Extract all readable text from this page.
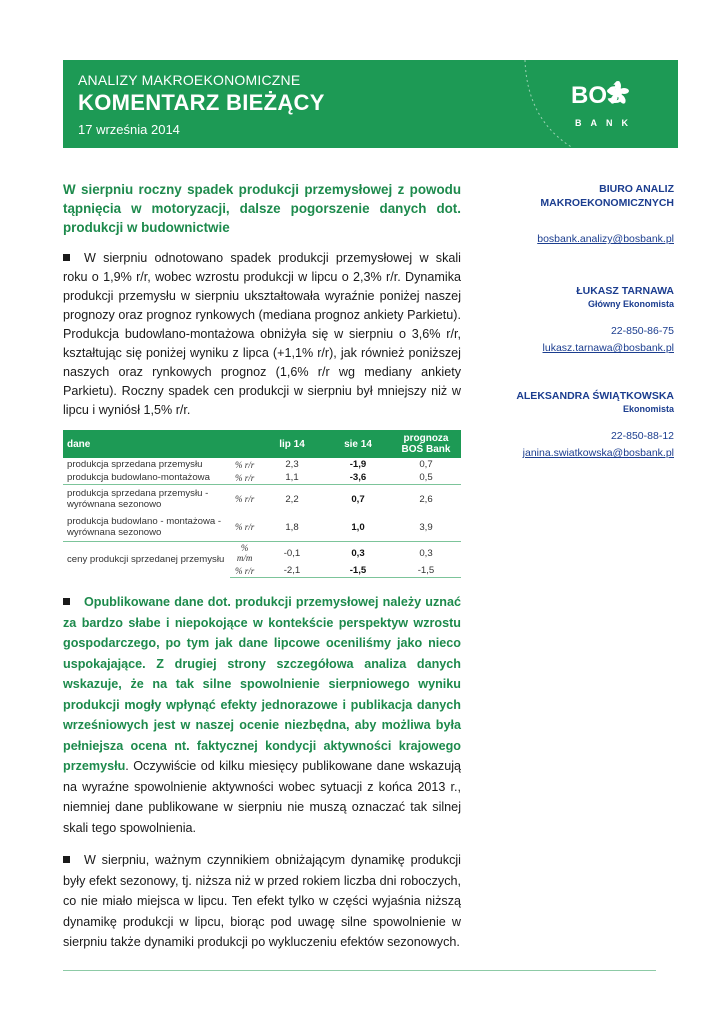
ANALIZY MAKROEKONOMICZNE
KOMENTARZ BIEŻĄCY
17 września 2014
BOŚ
BANK
W sierpniu roczny spadek produkcji przemysłowej z powodu tąpnięcia w motoryzacji, dalsze pogorszenie danych dot. produkcji w budownictwie

W sierpniu odnotowano spadek produkcji przemysłowej w skali roku o 1,9% r/r, wobec wzrostu produkcji w lipcu o 2,3% r/r. Dynamika produkcji przemysłu w sierpniu ukształtowała wyraźnie poniżej naszej prognozy oraz prognoz rynkowych (mediana prognoz ankiety Parkietu). Produkcja budowlano-montażowa obniżyła się w sierpniu o 3,6% r/r, kształtując się poniżej wyniku z lipca (+1,1% r/r), jak również poniższej naszych oraz rynkowych prognoz (1,6% r/r wg mediany ankiety Parkietu). Roczny spadek cen produkcji w sierpniu był mniejszy niż w lipcu i wyniósł 1,5% r/r.

dane		lip 14	sie 14	prognoza BOŚ Bank
produkcja sprzedana przemysłu	% r/r	2,3	-1,9	0,7
produkcja budowlano-montażowa	% r/r	1,1	-3,6	0,5
produkcja sprzedana przemysłu - wyrównana sezonowo	% r/r	2,2	0,7	2,6
produkcja budowlano - montażowa - wyrównana sezonowo	% r/r	1,8	1,0	3,9
ceny produkcji sprzedanej przemysłu	% m/m	-0,1	0,3	0,3
	% r/r	-2,1	-1,5	-1,5

Opublikowane dane dot. produkcji przemysłowej należy uznać za bardzo słabe i niepokojące w kontekście perspektyw wzrostu gospodarczego, po tym jak dane lipcowe oceniliśmy jako nieco uspokajające. Z drugiej strony szczegółowa analiza danych wskazuje, że na tak silne spowolnienie sierpniowego wyniku produkcji mogły wpłynąć efekty jednorazowe i publikacja danych wrześniowych jest w naszej ocenie niezbędna, aby możliwa była pełniejsza ocena nt. faktycznej kondycji aktywności krajowego przemysłu. Oczywiście od kilku miesięcy publikowane dane wskazują na wyraźne spowolnienie aktywności wobec sytuacji z końca 2013 r., niemniej dane publikowane w sierpniu nie muszą oznaczać tak silnej skali tego spowolnienia.

W sierpniu, ważnym czynnikiem obniżającym dynamikę produkcji były efekt sezonowy, tj. niższa niż w przed rokiem liczba dni roboczych, co nie miało miejsca w lipcu. Ten efekt tylko w części wyjaśnia niższą dynamikę produkcji w lipcu, biorąc pod uwagę silne spowolnienie w sierpniu także dynamiki produkcji po wykluczeniu efektów sezonowych.

BIURO ANALIZ
MAKROEKONOMICZNYCH
bosbank.analizy@bosbank.pl
ŁUKASZ TARNAWA
Główny Ekonomista
22-850-86-75
lukasz.tarnawa@bosbank.pl
ALEKSANDRA ŚWIĄTKOWSKA
Ekonomista
22-850-88-12
janina.swiatkowska@bosbank.pl
